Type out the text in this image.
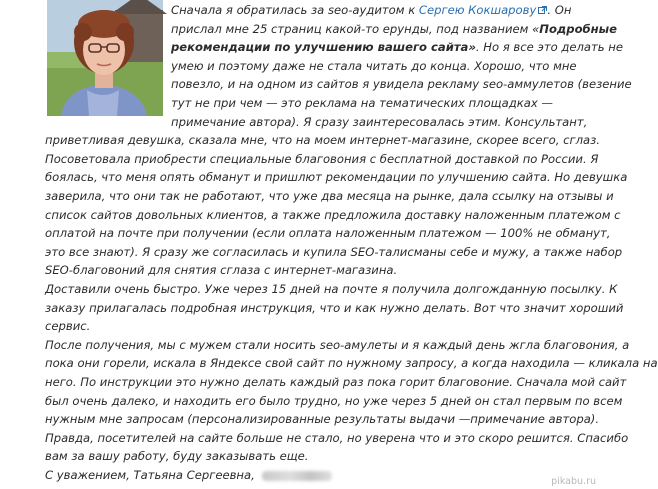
Сначала я обратилась за seo-аудитом к Сергею Кокшарову . Он
прислал мне 25 страниц какой-то ерунды, под названием «Подробные
рекомендации по улучшению вашего сайта». Но я все это делать не
умею и поэтому даже не стала читать до конца. Хорошо, что мне
повезло, и на одном из сайтов я увидела рекламу seo-аммулетов (везение
тут не при чем — это реклама на тематических площадках —
примечание автора). Я сразу заинтересовалась этим. Консультант,
приветливая девушка, сказала мне, что на моем интернет-магазине, скорее всего, сглаз.
Посоветовала приобрести специальные благовония с бесплатной доставкой по России. Я
боялась, что меня опять обманут и пришлют рекомендации по улучшению сайта. Но девушка
заверила, что они так не работают, что уже два месяца на рынке, дала ссылку на отзывы и
список сайтов довольных клиентов, а также предложила доставку наложенным платежом с
оплатой на почте при получении (если оплата наложенным платежом — 100% не обманут,
это все знают). Я сразу же согласилась и купила SEO-талисманы себе и мужу, а также набор
SEO-благовоний для снятия сглаза с интернет-магазина.
Доставили очень быстро. Уже через 15 дней на почте я получила долгожданную посылку. К
заказу прилагалась подробная инструкция, что и как нужно делать. Вот что значит хороший
сервис.
После получения, мы с мужем стали носить seo-амулеты и я каждый день жгла благовония, а
пока они горели, искала в Яндексе свой сайт по нужному запросу, а когда находила — кликала на
него. По инструкции это нужно делать каждый раз пока горит благовоние. Сначала мой сайт
был очень далеко, и находить его было трудно, но уже через 5 дней он стал первым по всем
нужным мне запросам (персонализированные результаты выдачи —примечание автора).
Правда, посетителей на сайте больше не стало, но уверена что и это скоро решится. Спасибо
вам за вашу работу, буду заказывать еще.
С уважением, Татьяна Сергеевна,	pikabu.ru
